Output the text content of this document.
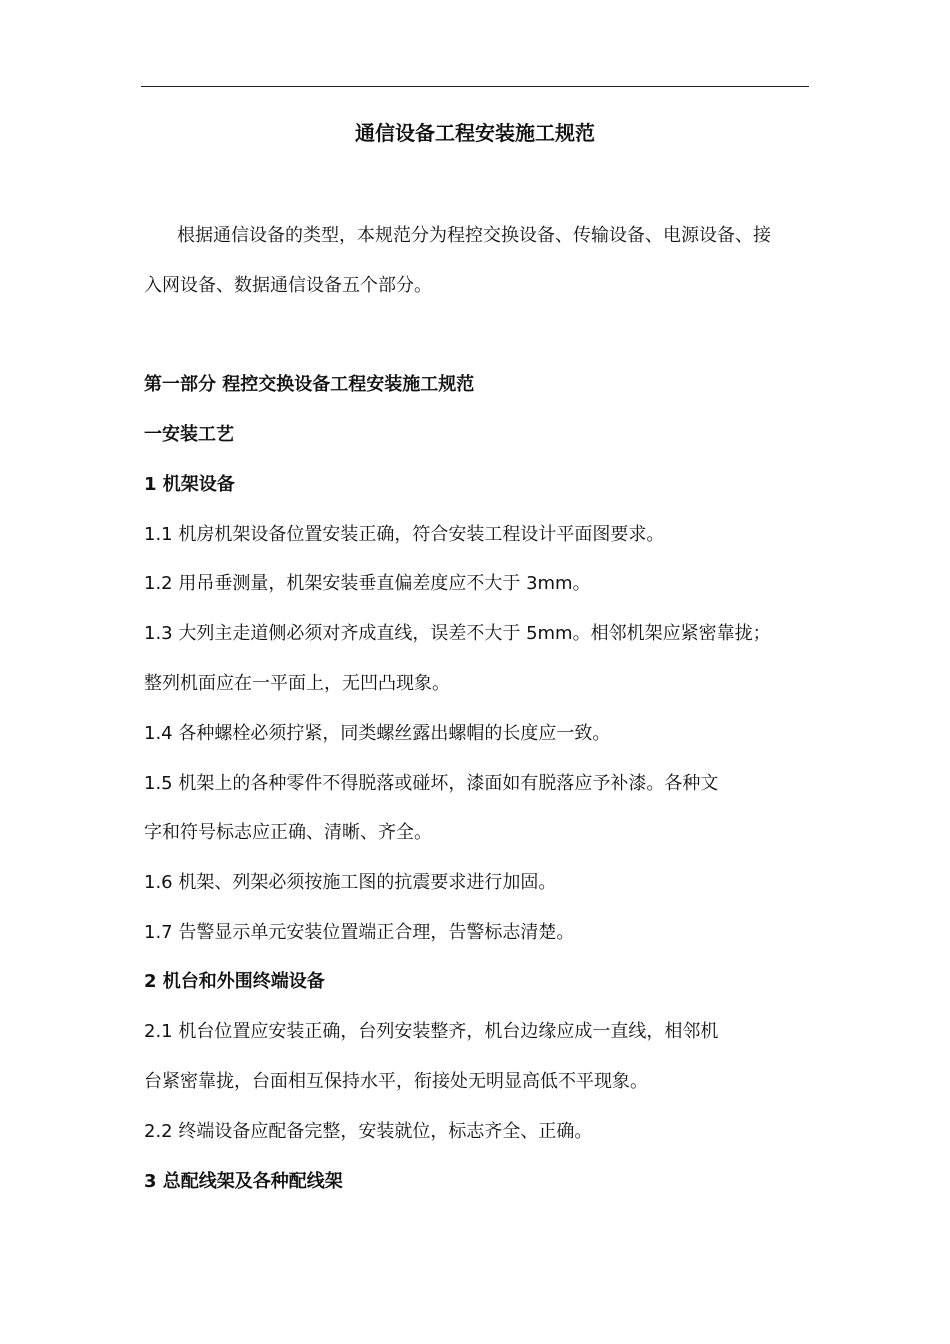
通信设备工程安装施工规范
根据通信设备的类型，本规范分为程控交换设备、传输设备、电源设备、接
入网设备、数据通信设备五个部分。
第一部分 程控交换设备工程安装施工规范
一安装工艺
1 机架设备
1.1 机房机架设备位置安装正确，符合安装工程设计平面图要求。
1.2 用吊垂测量，机架安装垂直偏差度应不大于 3mm。
1.3 大列主走道侧必须对齐成直线，误差不大于 5mm。相邻机架应紧密靠拢；
整列机面应在一平面上，无凹凸现象。
1.4 各种螺栓必须拧紧，同类螺丝露出螺帽的长度应一致。
1.5 机架上的各种零件不得脱落或碰坏，漆面如有脱落应予补漆。各种文
字和符号标志应正确、清晰、齐全。
1.6 机架、列架必须按施工图的抗震要求进行加固。
1.7 告警显示单元安装位置端正合理，告警标志清楚。
2 机台和外围终端设备
2.1 机台位置应安装正确，台列安装整齐，机台边缘应成一直线，相邻机
台紧密靠拢，台面相互保持水平，衔接处无明显高低不平现象。
2.2 终端设备应配备完整，安装就位，标志齐全、正确。
3 总配线架及各种配线架
